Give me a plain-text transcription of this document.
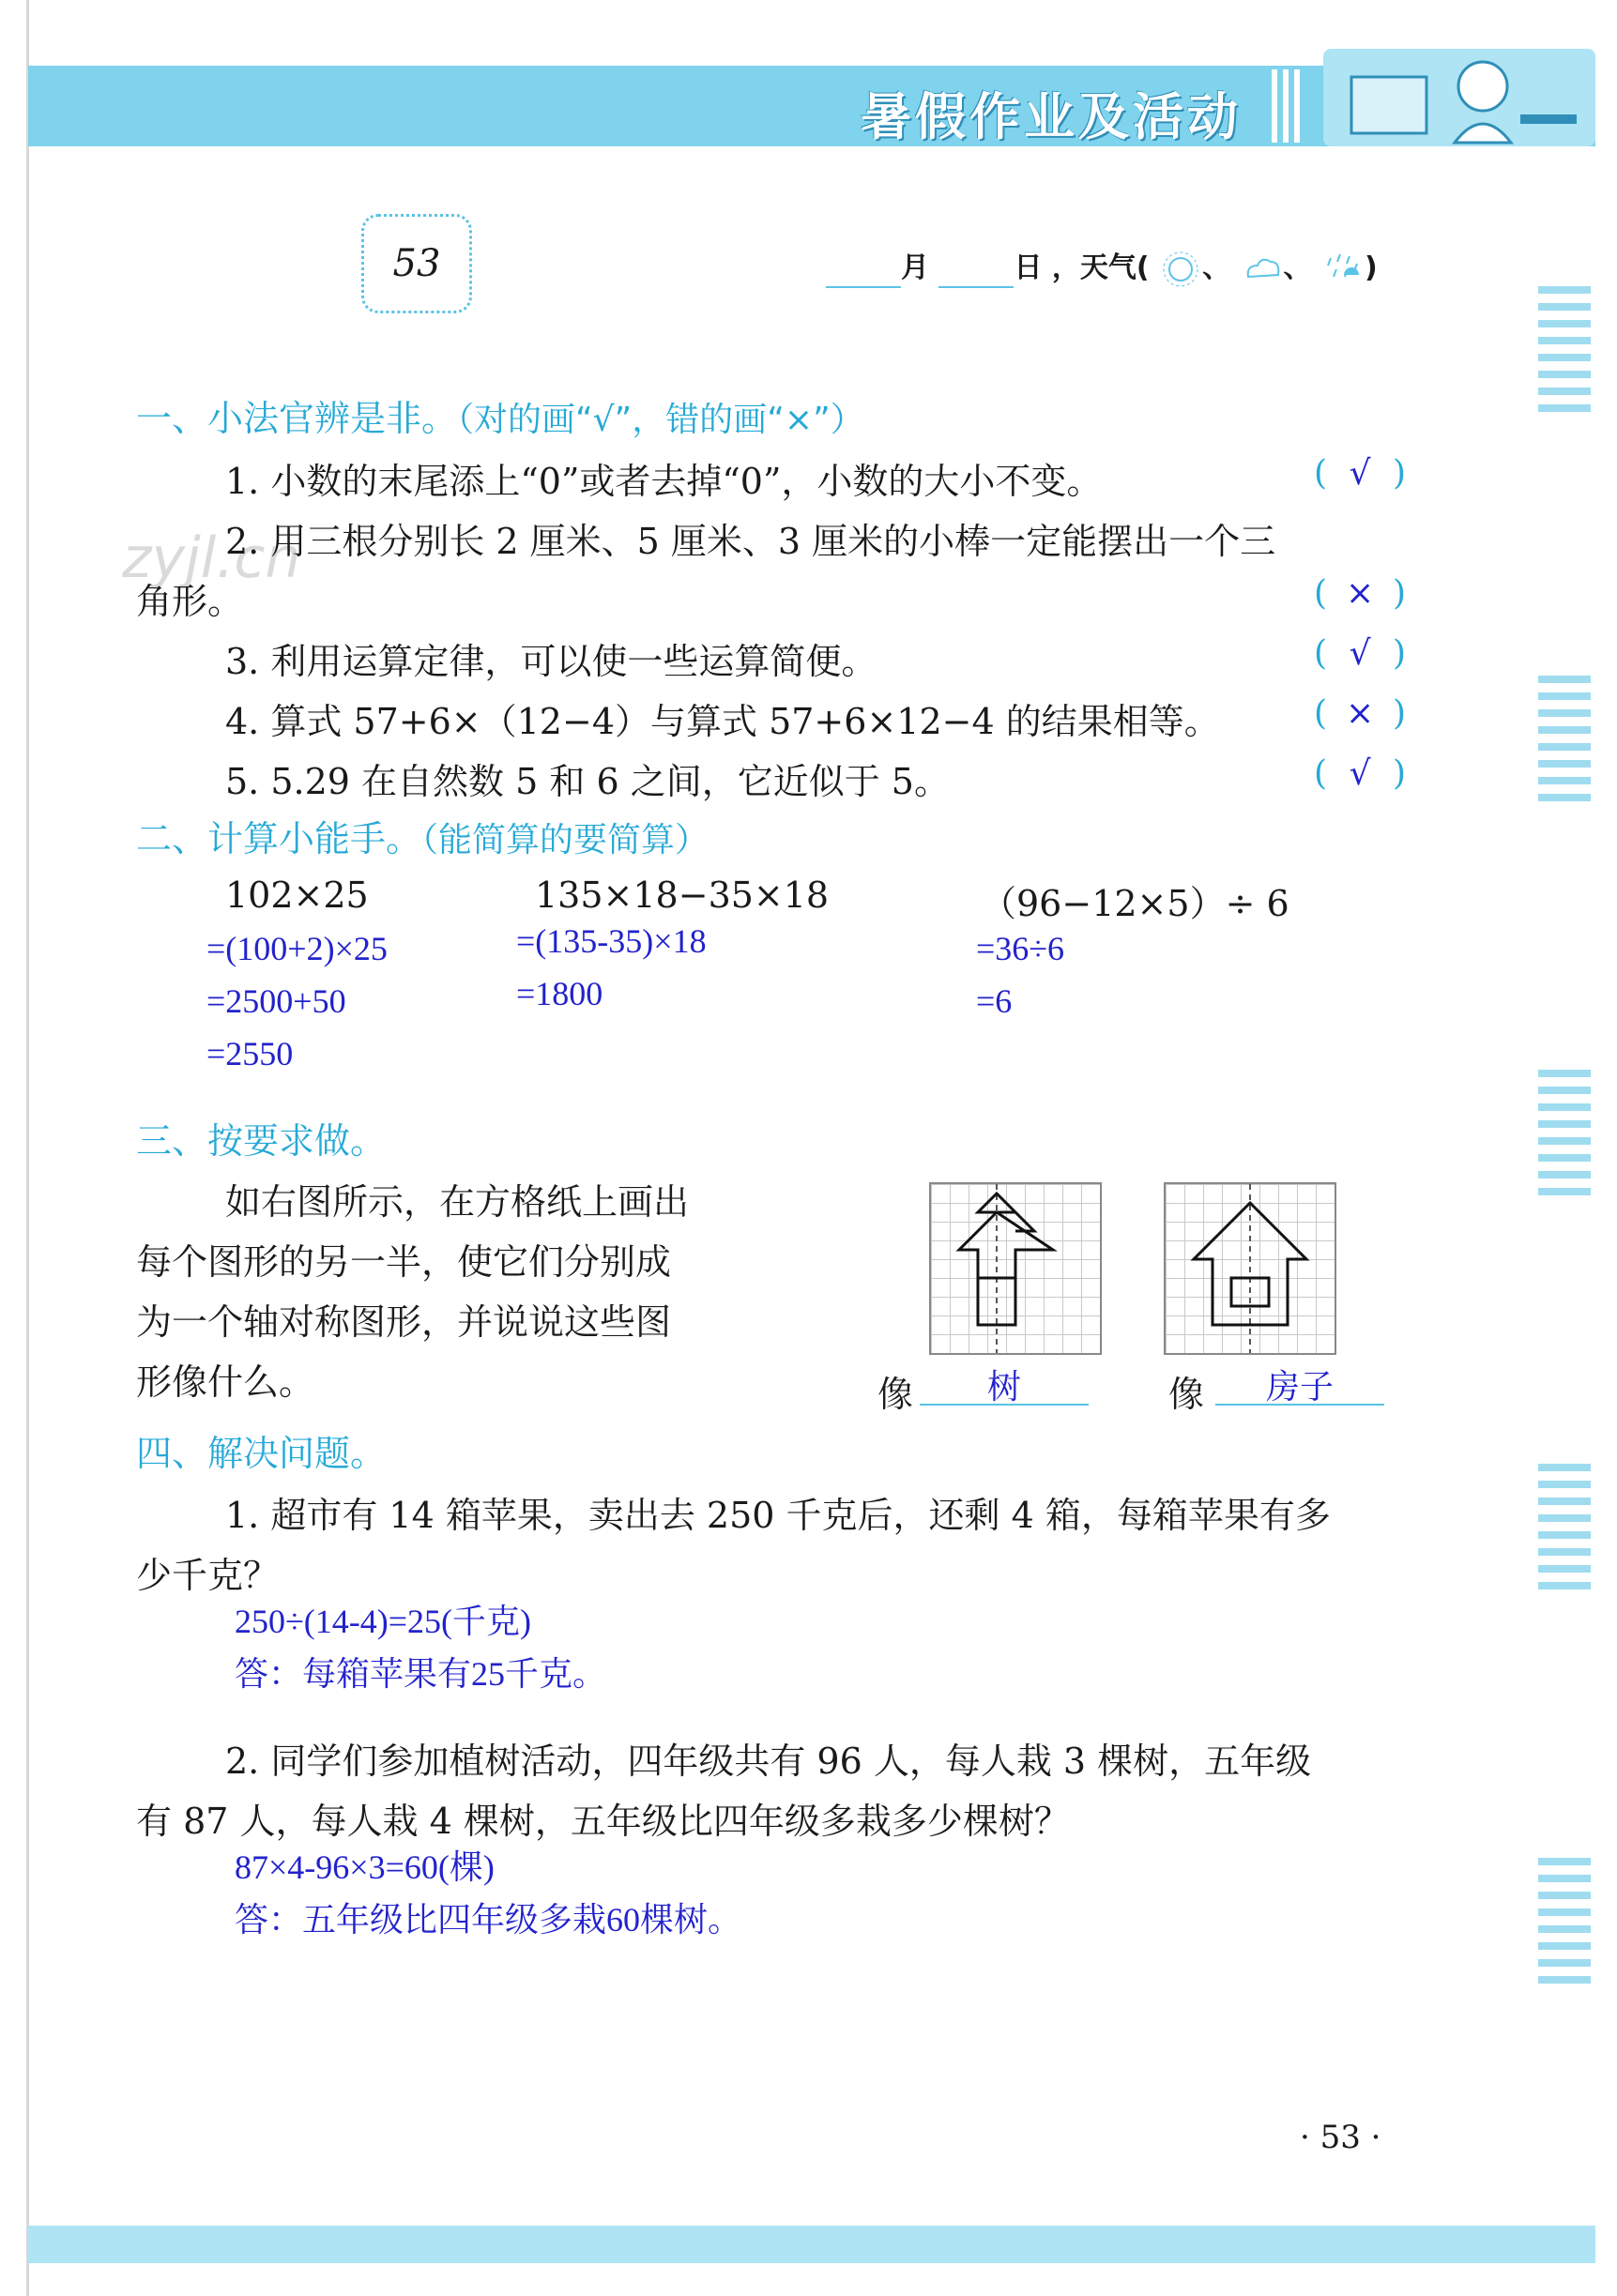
暑假作业及活动
53	月	日 ，天气( 、 、 )
zyjl.cn
一、小法官辨是非。（对的画“√”，错的画“×”）
1. 小数的末尾添上“0”或者去掉“0”，小数的大小不变。	( √ )
2. 用三根分别长 2 厘米、5 厘米、3 厘米的小棒一定能摆出一个三
角形。	( × )
3. 利用运算定律，可以使一些运算简便。	( √ )
4. 算式 57+6×（12−4）与算式 57+6×12−4 的结果相等。	( × )
5. 5.29 在自然数 5 和 6 之间，它近似于 5。	( √ )
二、计算小能手。（能简算的要简算）
102×25
=(100+2)×25
=2500+50
=2550
135×18−35×18
=(135-35)×18
=1800
（96−12×5）÷ 6
=36÷6
=6
三、按要求做。
如右图所示，在方格纸上画出
每个图形的另一半，使它们分别成
为一个轴对称图形，并说说这些图
形像什么。	像	树	像	房子
四、解决问题。
1. 超市有 14 箱苹果，卖出去 250 千克后，还剩 4 箱，每箱苹果有多
少千克？
250÷(14-4)=25(千克)
答：每箱苹果有25千克。
2. 同学们参加植树活动，四年级共有 96 人，每人栽 3 棵树，五年级
有 87 人，每人栽 4 棵树，五年级比四年级多栽多少棵树？
87×4-96×3=60(棵)
答：五年级比四年级多栽60棵树。
· 53 ·
